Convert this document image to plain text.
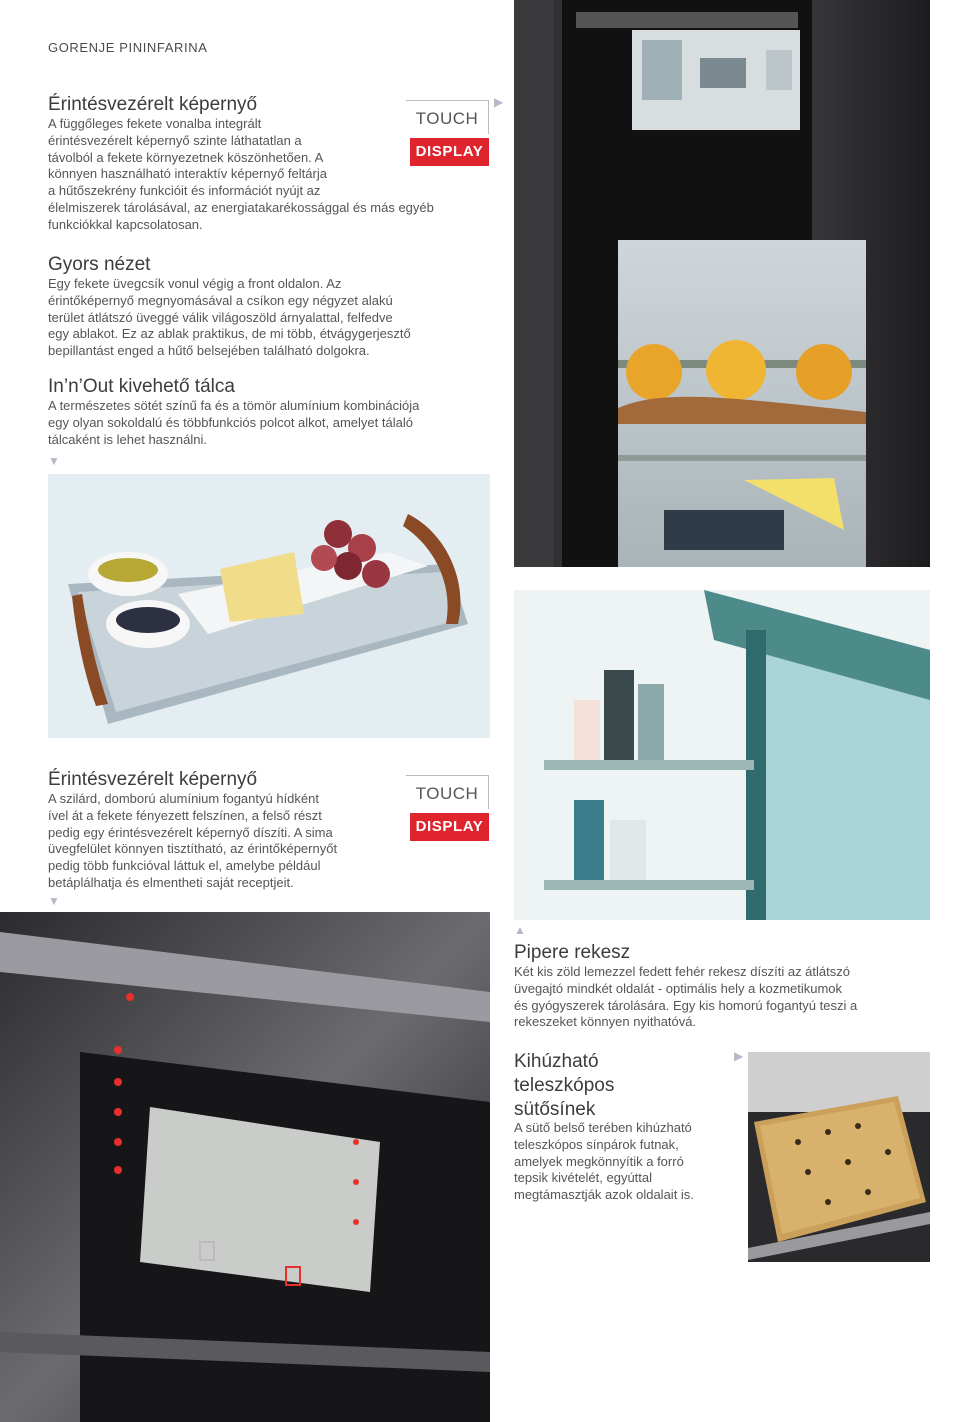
GORENJE PININFARINA
Érintésvezérelt képernyő

A függőleges fekete vonalba integrált
érintésvezérelt képernyő szinte láthatatlan a
távolból a fekete környezetnek köszönhetően. A
könnyen használható interaktív képernyő feltárja
a hűtőszekrény funkcióit és információt nyújt az
élelmiszerek tárolásával, az energiatakarékossággal és más egyéb
funkciókkal kapcsolatosan.

TOUCH
DISPLAY
▶
Gyors nézet

Egy fekete üvegcsík vonul végig a front oldalon. Az
érintőképernyő megnyomásával a csíkon egy négyzet alakú
terület átlátszó üveggé válik világoszöld árnyalattal, felfedve
egy ablakot. Ez az ablak praktikus, de mi több, étvágygerjesztő
bepillantást enged a hűtő belsejében található dolgokra.

In’n’Out kivehető tálca

A természetes sötét színű fa és a tömör alumínium kombinációja
egy olyan sokoldalú és többfunkciós polcot alkot, amelyet tálaló
tálcaként is lehet használni.

▼
Érintésvezérelt képernyő

A szilárd, domború alumínium fogantyú hídként
ível át a fekete fényezett felszínen, a felső részt
pedig egy érintésvezérelt képernyő díszíti. A sima
üvegfelület könnyen tisztítható, az érintőképernyőt
pedig több funkcióval láttuk el, amelybe például
betáplálhatja és elmentheti saját receptjeit.

TOUCH
DISPLAY
▼
▲
Pipere rekesz

Két kis zöld lemezzel fedett fehér rekesz díszíti az átlátszó
üvegajtó mindkét oldalát - optimális hely a kozmetikumok
és gyógyszerek tárolására. Egy kis homorú fogantyú teszi a
rekeszeket könnyen nyithatóvá.

Kihúzható
teleszkópos
sütősínek

A sütő belső terében kihúzható
teleszkópos sínpárok futnak,
amelyek megkönnyítik a forró
tepsik kivételét, egyúttal
megtámasztják azok oldalait is.

▶
